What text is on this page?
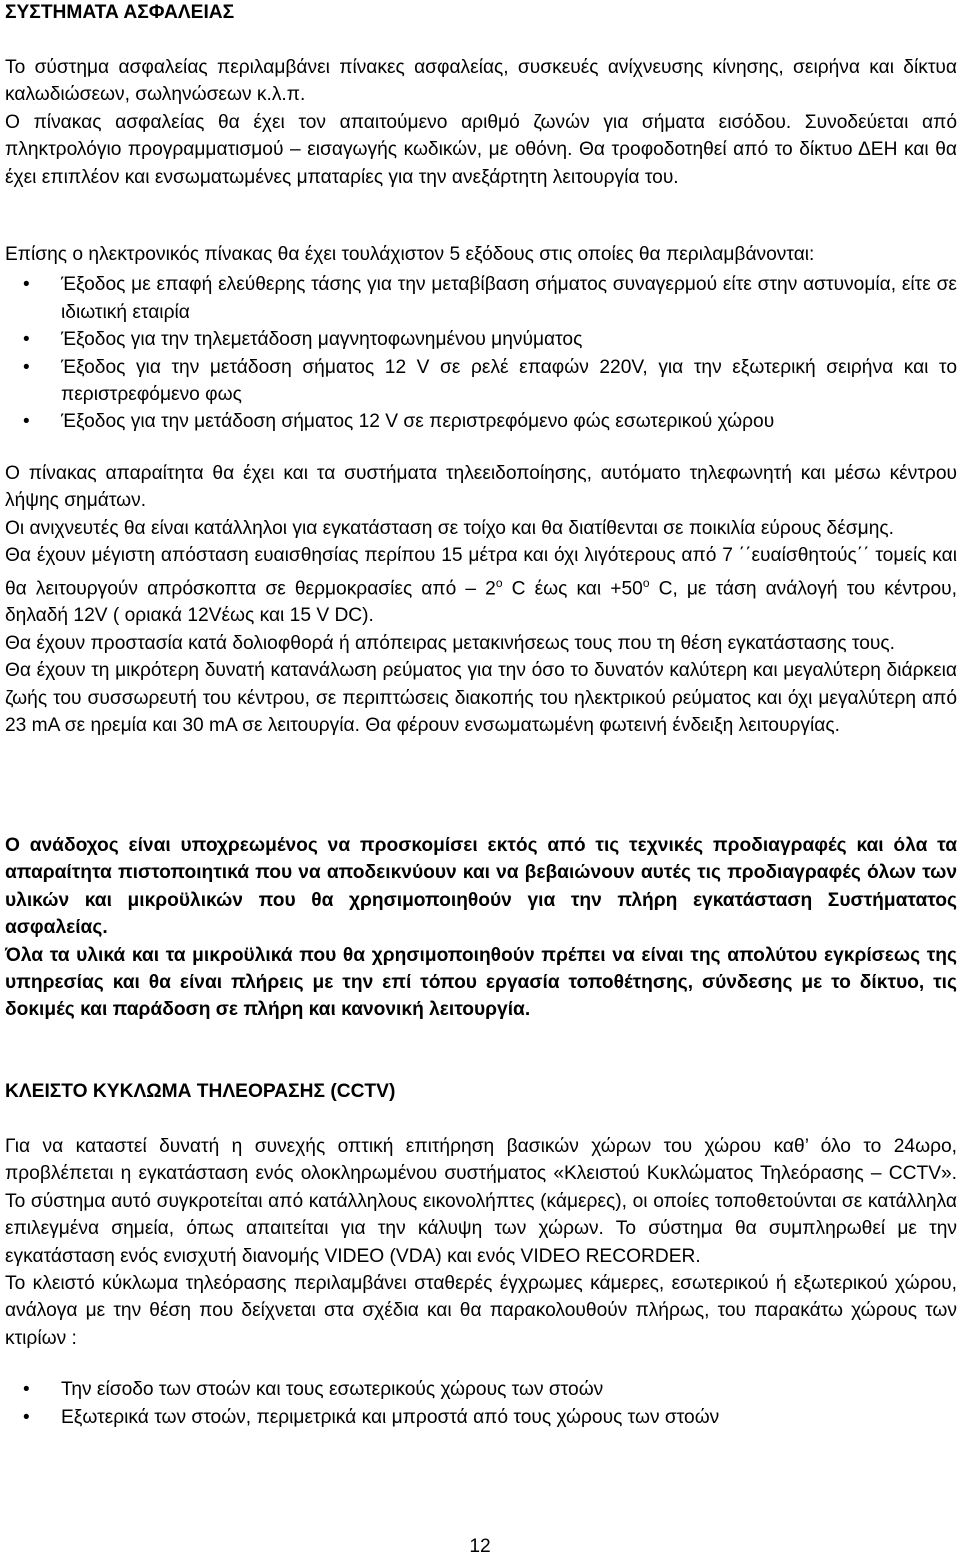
ΣΥΣΤΗΜΑΤΑ ΑΣΦΑΛΕΙΑΣ

Το σύστημα ασφαλείας περιλαμβάνει πίνακες ασφαλείας, συσκευές ανίχνευσης κίνησης, σειρήνα και δίκτυα καλωδιώσεων, σωληνώσεων κ.λ.π.

Ο πίνακας ασφαλείας θα έχει τον απαιτούμενο αριθμό ζωνών για σήματα εισόδου. Συνοδεύεται από πληκτρολόγιο προγραμματισμού – εισαγωγής κωδικών, με οθόνη. Θα τροφοδοτηθεί από το δίκτυο ΔΕΗ και θα έχει επιπλέον και ενσωματωμένες μπαταρίες για την ανεξάρτητη λειτουργία του.

Επίσης ο ηλεκτρονικός πίνακας θα έχει τουλάχιστον 5 εξόδους στις οποίες θα περιλαμβάνονται:

• Έξοδος με επαφή ελεύθερης τάσης για την μεταβίβαση σήματος συναγερμού είτε στην αστυνομία, είτε σε ιδιωτική εταιρία
• Έξοδος για την τηλεμετάδοση μαγνητοφωνημένου μηνύματος
• Έξοδος για την μετάδοση σήματος 12 V σε ρελέ επαφών 220V, για την εξωτερική σειρήνα και το περιστρεφόμενο φως
• Έξοδος για την μετάδοση σήματος 12 V σε περιστρεφόμενο φώς εσωτερικού χώρου

Ο πίνακας απαραίτητα θα έχει και τα συστήματα τηλεειδοποίησης, αυτόματο τηλεφωνητή και μέσω κέντρου λήψης σημάτων.

Οι ανιχνευτές θα είναι κατάλληλοι για εγκατάσταση σε τοίχο και θα διατίθενται σε ποικιλία εύρους δέσμης.

Θα έχουν μέγιστη απόσταση ευαισθησίας περίπου 15 μέτρα και όχι λιγότερους από 7 ΄΄ευαίσθητούς΄΄ τομείς και θα λειτουργούν απρόσκοπτα σε θερμοκρασίες από – $2^o$ C έως $\kappa\alpha\iota +50^o$ C, με τάση ανάλογή του κέντρου, δηλαδή 12V ( οριακά 12Vέως και 15 V DC).

Θα έχουν προστασία κατά δολιοφθορά ή απόπειρας μετακινήσεως τους που τη θέση εγκατάστασης τους.

Θα έχουν τη μικρότερη δυνατή κατανάλωση ρεύματος για την όσο το δυνατόν καλύτερη και μεγαλύτερη διάρκεια ζωής του συσσωρευτή του κέντρου, σε περιπτώσεις διακοπής του ηλεκτρικού ρεύματος και όχι μεγαλύτερη από 23 mA σε ηρεμία και 30 mA σε λειτουργία. Θα φέρουν ενσωματωμένη φωτεινή ένδειξη λειτουργίας.

Ο ανάδοχος είναι υποχρεωμένος να προσκομίσει εκτός από τις τεχνικές προδιαγραφές και όλα τα απαραίτητα πιστοποιητικά που να αποδεικνύουν και να βεβαιώνουν αυτές τις προδιαγραφές όλων των υλικών και μικροϋλικών που θα χρησιμοποιηθούν για την πλήρη εγκατάσταση Συστήματατος ασφαλείας.

Όλα τα υλικά και τα μικροϋλικά που θα χρησιμοποιηθούν πρέπει να είναι της απολύτου εγκρίσεως της υπηρεσίας και θα είναι πλήρεις με την επί τόπου εργασία τοποθέτησης, σύνδεσης με το δίκτυο, τις δοκιμές και παράδοση σε πλήρη και κανονική λειτουργία.

ΚΛΕΙΣΤΟ ΚΥΚΛΩΜΑ ΤΗΛΕΟΡΑΣΗΣ (CCTV)

Για να καταστεί δυνατή η συνεχής οπτική επιτήρηση βασικών χώρων του χώρου καθ’ όλο το 24ωρο, προβλέπεται η εγκατάσταση ενός ολοκληρωμένου συστήματος «Κλειστού Κυκλώματος Τηλεόρασης – CCTV». Το σύστημα αυτό συγκροτείται από κατάλληλους εικονολήπτες (κάμερες), οι οποίες τοποθετούνται σε κατάλληλα επιλεγμένα σημεία, όπως απαιτείται για την κάλυψη των χώρων. Το σύστημα θα συμπληρωθεί με την εγκατάσταση ενός ενισχυτή διανομής VIDEO (VDA) και ενός VIDEO RECORDER.

Το κλειστό κύκλωμα τηλεόρασης περιλαμβάνει σταθερές έγχρωμες κάμερες, εσωτερικού ή εξωτερικού χώρου, ανάλογα με την θέση που δείχνεται στα σχέδια και θα παρακολουθούν πλήρως, του παρακάτω χώρους των κτιρίων :

• Την είσοδο των στοών και τους εσωτερικούς χώρους των στοών
• Εξωτερικά των στοών, περιμετρικά και μπροστά από τους χώρους των στοών
12
